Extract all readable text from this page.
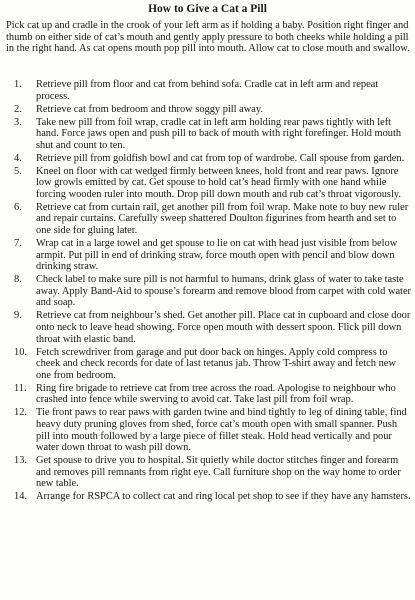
How to Give a Cat a Pill

Pick cat up and cradle in the crook of your left arm as if holding a baby. Position right finger and thumb on either side of cat’s mouth and gently apply pressure to both cheeks while holding a pill in the right hand. As cat opens mouth pop pill into mouth. Allow cat to close mouth and swallow.

1.	Retrieve pill from floor and cat from behind sofa. Cradle cat in left arm and repeat process.
2.	Retrieve cat from bedroom and throw soggy pill away.
3.	Take new pill from foil wrap, cradle cat in left arm holding rear paws tightly with left hand. Force jaws open and push pill to back of mouth with right forefinger. Hold mouth shut and count to ten.
4.	Retrieve pill from goldfish bowl and cat from top of wardrobe. Call spouse from garden.
5.	Kneel on floor with cat wedged firmly between knees, hold front and rear paws. Ignore low growls emitted by cat. Get spouse to hold cat’s head firmly with one hand while forcing wooden ruler into mouth. Drop pill down mouth and rub cat’s throat vigorously.
6.	Retrieve cat from curtain rail, get another pill from foil wrap. Make note to buy new ruler and repair curtains. Carefully sweep shattered Doulton figurines from hearth and set to one side for gluing later.
7.	Wrap cat in a large towel and get spouse to lie on cat with head just visible from below armpit. Put pill in end of drinking straw, force mouth open with pencil and blow down drinking straw.
8.	Check label to make sure pill is not harmful to humans, drink glass of water to take taste away. Apply Band-Aid to spouse’s forearm and remove blood from carpet with cold water and soap.
9.	Retrieve cat from neighbour’s shed. Get another pill. Place cat in cupboard and close door onto neck to leave head showing. Force open mouth with dessert spoon. Flick pill down throat with elastic band.
10. Fetch screwdriver from garage and put door back on hinges. Apply cold compress to cheek and check records for date of last tetanus jab. Throw T-shirt away and fetch new one from bedroom.
11. Ring fire brigade to retrieve cat from tree across the road. Apologise to neighbour who crashed into fence while swerving to avoid cat. Take last pill from foil wrap.
12. Tie front paws to rear paws with garden twine and bind tightly to leg of dining table, find heavy duty pruning gloves from shed, force cat’s mouth open with small spanner. Push pill into mouth followed by a large piece of fillet steak. Hold head vertically and pour water down throat to wash pill down.
13. Get spouse to drive you to hospital. Sit quietly while doctor stitches finger and forearm and removes pill remnants from right eye. Call furniture shop on the way home to order new table.
14. Arrange for RSPCA to collect cat and ring local pet shop to see if they have any hamsters.
